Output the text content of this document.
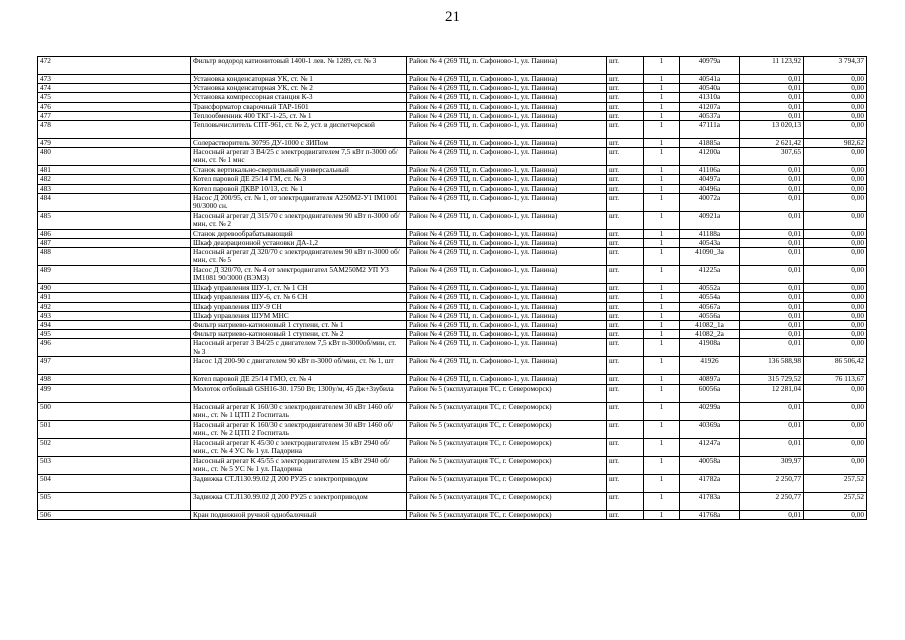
21
472	Фильтр водород катионитовый 1400-1 лев. № 1289, ст. № 3	Район № 4 (269 ТЦ, п. Сафоново-1, ул. Панина)	шт.	1	40979а	11 123,92	3 794,37
473	Установка конденсаторная УК, ст. № 1	Район № 4 (269 ТЦ, п. Сафоново-1, ул. Панина)	шт.	1	40541а	0,01	0,00
474	Установка конденсаторная УК, ст. № 2	Район № 4 (269 ТЦ, п. Сафоново-1, ул. Панина)	шт.	1	40540а	0,01	0,00
475	Установка компрессорная станция К-3	Район № 4 (269 ТЦ, п. Сафоново-1, ул. Панина)	шт.	1	41310а	0,01	0,00
476	Трансформатор сварочный ТАР-1601	Район № 4 (269 ТЦ, п. Сафоново-1, ул. Панина)	шт.	1	41207а	0,01	0,00
477	Теплообменник 400 ТКГ-1-25, ст. № 1	Район № 4 (269 ТЦ, п. Сафоново-1, ул. Панина)	шт.	1	40537а	0,01	0,00
478	Тепловычислитель СПТ-961, ст. № 2, уст. в диспетчерской	Район № 4 (269 ТЦ, п. Сафоново-1, ул. Панина)	шт.	1	47111а	13 020,13	0,00
479	Солерастворитель 30795 ДУ-1000 с ЗИПом	Район № 4 (269 ТЦ, п. Сафоново-1, ул. Панина)	шт.	1	41885а	2 621,42	982,62
480	Насосный агрегат 3 В4/25 с электродвигателем 7,5 кВт п-3000 об/мин, ст. № 1 мнс	Район № 4 (269 ТЦ, п. Сафоново-1, ул. Панина)	шт.	1	41200а	307,65	0,00
481	Станок вертикально-сверлильный универсальный	Район № 4 (269 ТЦ, п. Сафоново-1, ул. Панина)	шт.	1	41106а	0,01	0,00
482	Котел паровой ДЕ 25/14 ГМ, ст. № 3	Район № 4 (269 ТЦ, п. Сафоново-1, ул. Панина)	шт.	1	40497а	0,01	0,00
483	Котел паровой ДКВР 10/13, ст. № 1	Район № 4 (269 ТЦ, п. Сафоново-1, ул. Панина)	шт.	1	40496а	0,01	0,00
484	Насос Д 200/95, ст. № 1, от электродвигателя А250М2-У1 IM1001 90/3000 сн.	Район № 4 (269 ТЦ, п. Сафоново-1, ул. Панина)	шт.	1	40072а	0,01	0,00
485	Насосный агрегат Д 315/70 с электродвигателем 90 кВт п-3000 об/мин, ст. № 2	Район № 4 (269 ТЦ, п. Сафоново-1, ул. Панина)	шт.	1	40921а	0,01	0,00
486	Станок деревообрабатывающий	Район № 4 (269 ТЦ, п. Сафоново-1, ул. Панина)	шт.	1	41188а	0,01	0,00
487	Шкаф деаэрационной установки ДА-1,2	Район № 4 (269 ТЦ, п. Сафоново-1, ул. Панина)	шт.	1	40543а	0,01	0,00
488	Насосный агрегат Д 320/70 с электродвигателем 90 кВт п-3000 об/мин, ст. № 5	Район № 4 (269 ТЦ, п. Сафоново-1, ул. Панина)	шт.	1	41090_3а	0,01	0,00
489	Насос Д 320/70, ст. № 4 от электродвигател 5АМ250М2 УП У3 IM1081 90/3000 (ВЭМЗ)	Район № 4 (269 ТЦ, п. Сафоново-1, ул. Панина)	шт.	1	41225а	0,01	0,00
490	Шкаф управления ШУ-1, ст. № 1 СН	Район № 4 (269 ТЦ, п. Сафоново-1, ул. Панина)	шт.	1	40552а	0,01	0,00
491	Шкаф управления ШУ-6, ст. № 6 СН	Район № 4 (269 ТЦ, п. Сафоново-1, ул. Панина)	шт.	1	40554а	0,01	0,00
492	Шкаф управления ШУ-9 СН	Район № 4 (269 ТЦ, п. Сафоново-1, ул. Панина)	шт.	1	40567а	0,01	0,00
493	Шкаф управления ШУМ МНС	Район № 4 (269 ТЦ, п. Сафоново-1, ул. Панина)	шт.	1	40556а	0,01	0,00
494	Фильтр натриево-катионовый 1 ступени, ст. № 1	Район № 4 (269 ТЦ, п. Сафоново-1, ул. Панина)	шт.	1	41082_1а	0,01	0,00
495	Фильтр натриево-катионовый 1 ступени, ст. № 2	Район № 4 (269 ТЦ, п. Сафоново-1, ул. Панина)	шт.	1	41082_2а	0,01	0,00
496	Насосный агрегат 3 В4/25 с двигателем 7,5 кВт п-3000об/мин, ст. № 3	Район № 4 (269 ТЦ, п. Сафоново-1, ул. Панина)	шт.	1	41908а	0,01	0,00
497	Насос 1Д 200-90 с двигателем 90 кВт п-3000 об/мин, ст. № 1, шт	Район № 4 (269 ТЦ, п. Сафоново-1, ул. Панина)	шт.	1	41926	136 588,98	86 506,42
498	Котел паровой ДЕ 25/14 ГМО, ст. № 4	Район № 4 (269 ТЦ, п. Сафоново-1, ул. Панина)	шт.	1	40897а	315 729,52	76 113,67
499	Молоток отбойный GSH16-30. 1750 Вт, 1300у/м, 45 Дж+3зубила	Район № 5 (эксплуатация ТС, г. Североморск)	шт.	1	60056а	12 281,04	0,00
500	Насосный агрегат К 160/30 с электродвигателем 30 кВт 1460 об/мин., ст. № 1 ЦТП 2 Госпиталь	Район № 5 (эксплуатация ТС, г. Североморск)	шт.	1	40299а	0,01	0,00
501	Насосный агрегат К 160/30 с электродвигателем 30 кВт 1460 об/мин., ст. № 2 ЦТП 2 Госпиталь	Район № 5 (эксплуатация ТС, г. Североморск)	шт.	1	40369а	0,01	0,00
502	Насосный агрегат К 45/30 с электродвигателем 15 кВт 2940 об/мин., ст. № 4 УС № 1 ул. Падорина	Район № 5 (эксплуатация ТС, г. Североморск)	шт.	1	41247а	0,01	0,00
503	Насосный агрегат К 45/55 с электродвигателем 15 кВт 2940 об/мин., ст. № 5 УС № 1 ул. Падорина	Район № 5 (эксплуатация ТС, г. Североморск)	шт.	1	40058а	309,97	0,00
504	Задвижка СТ.Л130.99.02 Д 200 РУ25 с электроприводом	Район № 5 (эксплуатация ТС, г. Североморск)	шт.	1	41782а	2 250,77	257,52
505	Задвижка СТ.Л130.99.02 Д 200 РУ25 с электроприводом	Район № 5 (эксплуатация ТС, г. Североморск)	шт.	1	41783а	2 250,77	257,52
506	Кран подвижной ручной однобалочный	Район № 5 (эксплуатация ТС, г. Североморск)	шт.	1	41768а	0,01	0,00
